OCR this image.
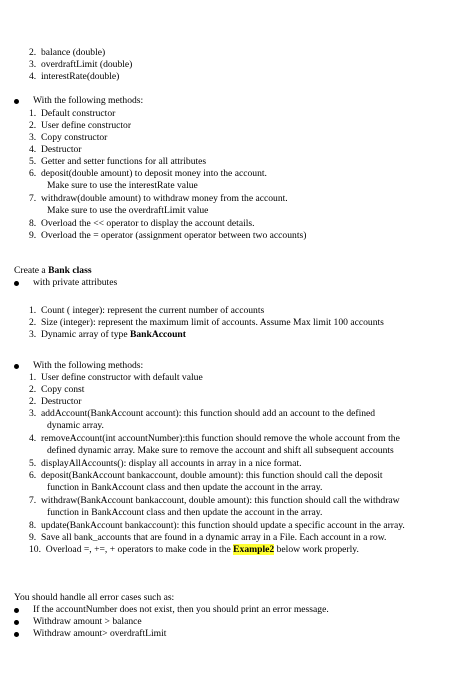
2. balance (double)
3. overdraftLimit (double)
4. interestRate(double)
With the following methods:
1. Default constructor
2. User define constructor
3. Copy constructor
4. Destructor
5. Getter and setter functions for all attributes
6. deposit(double amount) to deposit money into the account.
Make sure to use the interestRate value
7. withdraw(double amount) to withdraw money from the account.
Make sure to use the overdraftLimit value
8. Overload the << operator to display the account details.
9. Overload the = operator (assignment operator between two accounts)
Create a Bank class
with private attributes
1. Count ( integer): represent the current number of accounts
2. Size (integer): represent the maximum limit of accounts. Assume Max limit 100 accounts
3. Dynamic array of type BankAccount
With the following methods:
1. User define constructor with default value
2. Copy const
2. Destructor
3. addAccount(BankAccount account): this function should add an account to the defined
dynamic array.
4. removeAccount(int accountNumber):this function should remove the whole account from the
defined dynamic array. Make sure to remove the account and shift all subsequent accounts
5. displayAllAccounts(): display all accounts in array in a nice format.
6. deposit(BankAccount bankaccount, double amount): this function should call the deposit
function in BankAccount class and then update the account in the array.
7. withdraw(BankAccount bankaccount, double amount): this function should call the withdraw
function in BankAccount class and then update the account in the array.
8. update(BankAccount bankaccount): this function should update a specific account in the array.
9. Save all bank_accounts that are found in a dynamic array in a File. Each account in a row.
10. Overload =, +=, + operators to make code in the Example2 below work properly.
You should handle all error cases such as:
If the accountNumber does not exist, then you should print an error message.
Withdraw amount > balance
Withdraw amount> overdraftLimit
